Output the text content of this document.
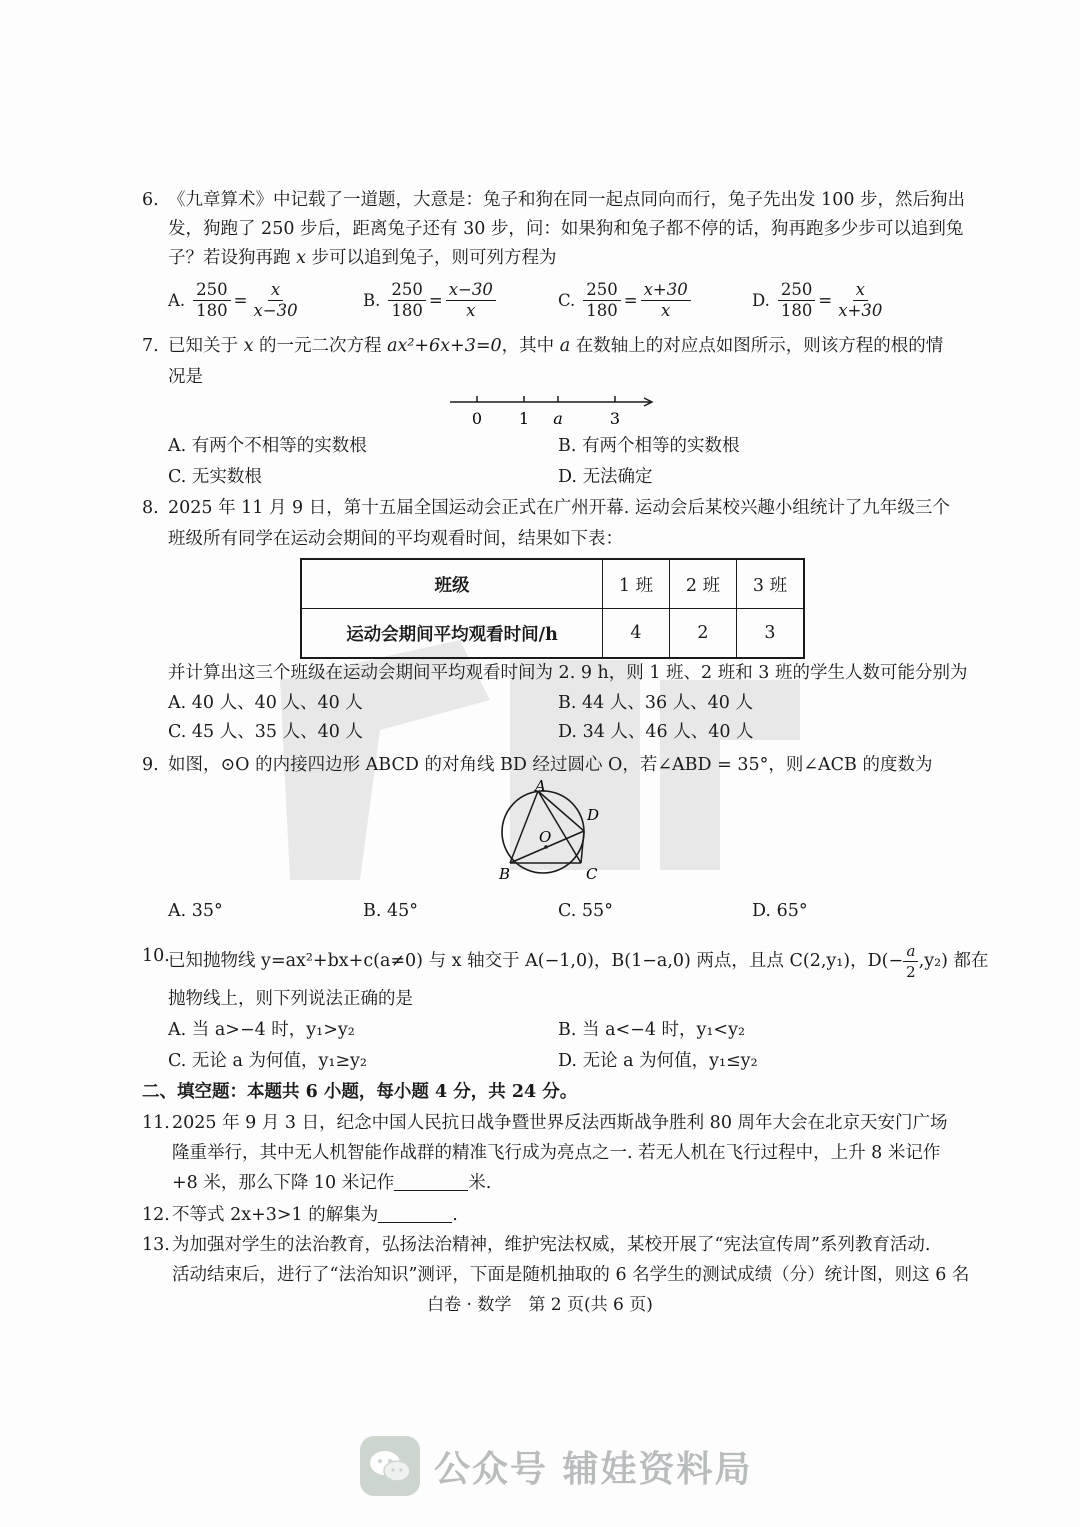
6. 《九章算术》中记载了一道题，大意是：兔子和狗在同一起点同向而行，兔子先出发 100 步，然后狗出
发，狗跑了 250 步后，距离兔子还有 30 步，问：如果狗和兔子都不停的话，狗再跑多少步可以追到兔
子？若设狗再跑 x 步可以追到兔子，则可列方程为
A. $\frac{250}{180} = \frac{x}{x-30}$	B. $\frac{250}{180} = \frac{x-30}{x}$	C. $\frac{250}{180} = \frac{x+30}{x}$	D. $\frac{250}{180} = \frac{x}{x+30}$
7. 已知关于 x 的一元二次方程 ax²+6x+3=0，其中 a 在数轴上的对应点如图所示，则该方程的根的情
况是
0 1 a	3
A. 有两个不相等的实数根	B. 有两个相等的实数根
C. 无实数根	D. 无法确定
8. 2025 年 11 月 9 日，第十五届全国运动会正式在广州开幕. 运动会后某校兴趣小组统计了九年级三个
班级所有同学在运动会期间的平均观看时间，结果如下表：
班级	1 班	2 班	3 班
运动会期间平均观看时间/h	4	2	3
并计算出这三个班级在运动会期间平均观看时间为 2. 9 h，则 1 班、2 班和 3 班的学生人数可能分别为
A. 40 人、40 人、40 人	B. 44 人、36 人、40 人
C. 45 人、35 人、40 人	D. 34 人、46 人、40 人
9. 如图，⊙O 的内接四边形 ABCD 的对角线 BD 经过圆心 O，若∠ABD = 35°，则∠ACB 的度数为
A
B	C
D
O
A. 35°	B. 45°	C. 55°	D. 65°
10.
已知抛物线 y=ax²+bx+c(a≠0) 与 x 轴交于 A(−1,0)，B(1−a,0) 两点，且点 C(2,y₁)，$D(- \frac{a}{2} ,y_2)$ 都在
抛物线上，则下列说法正确的是
A. 当 a>−4 时，y₁>y₂	B. 当 a<−4 时，y₁<y₂
C. 无论 a 为何值，y₁≥y₂	D. 无论 a 为何值，y₁≤y₂
二、填空题：本题共 6 小题，每小题 4 分，共 24 分。
11. 2025 年 9 月 3 日，纪念中国人民抗日战争暨世界反法西斯战争胜利 80 周年大会在北京天安门广场
隆重举行，其中无人机智能作战群的精准飞行成为亮点之一. 若无人机在飞行过程中，上升 8 米记作
+8 米，那么下降 10 米记作	米.
12. 不等式 2x+3>1 的解集为	.
13. 为加强对学生的法治教育，弘扬法治精神，维护宪法权威，某校开展了“宪法宣传周”系列教育活动.
活动结束后，进行了“法治知识”测评，下面是随机抽取的 6 名学生的测试成绩（分）统计图，则这 6 名
白卷 · 数学　第 2 页(共 6 页)
公众号 辅娃资料局
